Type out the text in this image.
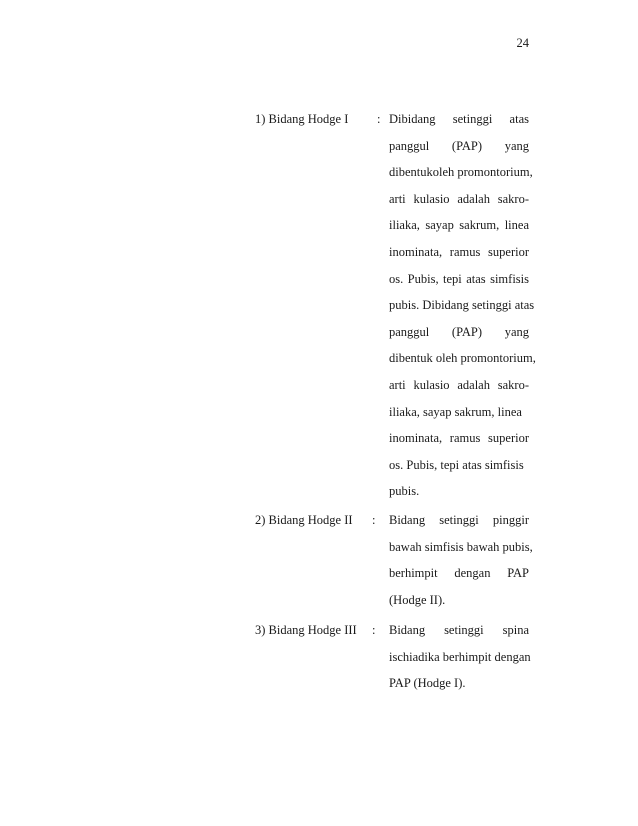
24
1) Bidang Hodge I : Dibidang setinggi atas
panggul (PAP) yang
dibentukoleh promontorium,
arti kulasio adalah sakro-
iliaka, sayap sakrum, linea
inominata, ramus superior
os. Pubis, tepi atas simfisis
pubis. Dibidang setinggi atas
panggul (PAP) yang
dibentuk oleh promontorium,
arti kulasio adalah sakro-
iliaka, sayap sakrum, linea
inominata, ramus superior
os. Pubis, tepi atas simfisis
pubis.
2) Bidang Hodge II : Bidang setinggi pinggir
bawah simfisis bawah pubis,
berhimpit dengan PAP
(Hodge II).
3) Bidang Hodge III : Bidang setinggi spina
ischiadika berhimpit dengan
PAP (Hodge I).
